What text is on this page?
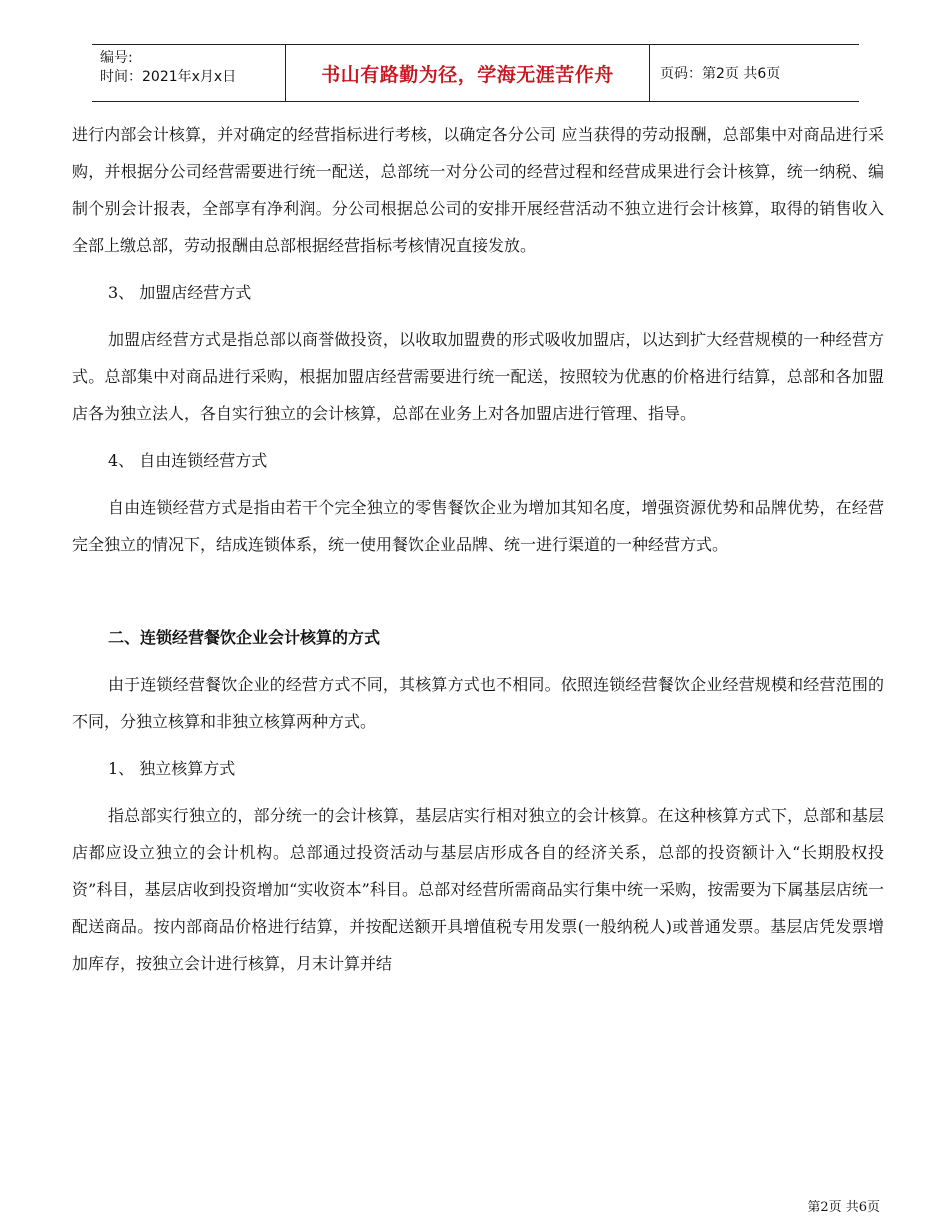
编号:
时间：2021年x月x日	书山有路勤为径，学海无涯苦作舟	页码：第2页 共6页

进行内部会计核算，并对确定的经营指标进行考核，以确定各分公司 应当获得的劳动报酬，总部集中对商品进行采购，并根据分公司经营需要进行统一配送，总部统一对分公司的经营过程和经营成果进行会计核算，统一纳税、编制个别会计报表，全部享有净利润。分公司根据总公司的安排开展经营活动不独立进行会计核算，取得的销售收入全部上缴总部，劳动报酬由总部根据经营指标考核情况直接发放。

3、 加盟店经营方式

加盟店经营方式是指总部以商誉做投资，以收取加盟费的形式吸收加盟店，以达到扩大经营规模的一种经营方式。总部集中对商品进行采购，根据加盟店经营需要进行统一配送，按照较为优惠的价格进行结算，总部和各加盟店各为独立法人，各自实行独立的会计核算，总部在业务上对各加盟店进行管理、指导。

4、 自由连锁经营方式

自由连锁经营方式是指由若干个完全独立的零售餐饮企业为增加其知名度，增强资源优势和品牌优势，在经营完全独立的情况下，结成连锁体系，统一使用餐饮企业品牌、统一进行渠道的一种经营方式。

二、连锁经营餐饮企业会计核算的方式

由于连锁经营餐饮企业的经营方式不同，其核算方式也不相同。依照连锁经营餐饮企业经营规模和经营范围的不同，分独立核算和非独立核算两种方式。

1、 独立核算方式

指总部实行独立的，部分统一的会计核算，基层店实行相对独立的会计核算。在这种核算方式下，总部和基层店都应设立独立的会计机构。总部通过投资活动与基层店形成各自的经济关系，总部的投资额计入“长期股权投资”科目，基层店收到投资增加“实收资本”科目。总部对经营所需商品实行集中统一采购，按需要为下属基层店统一配送商品。按内部商品价格进行结算，并按配送额开具增值税专用发票(一般纳税人)或普通发票。基层店凭发票增加库存，按独立会计进行核算，月末计算并结

第2页 共6页
